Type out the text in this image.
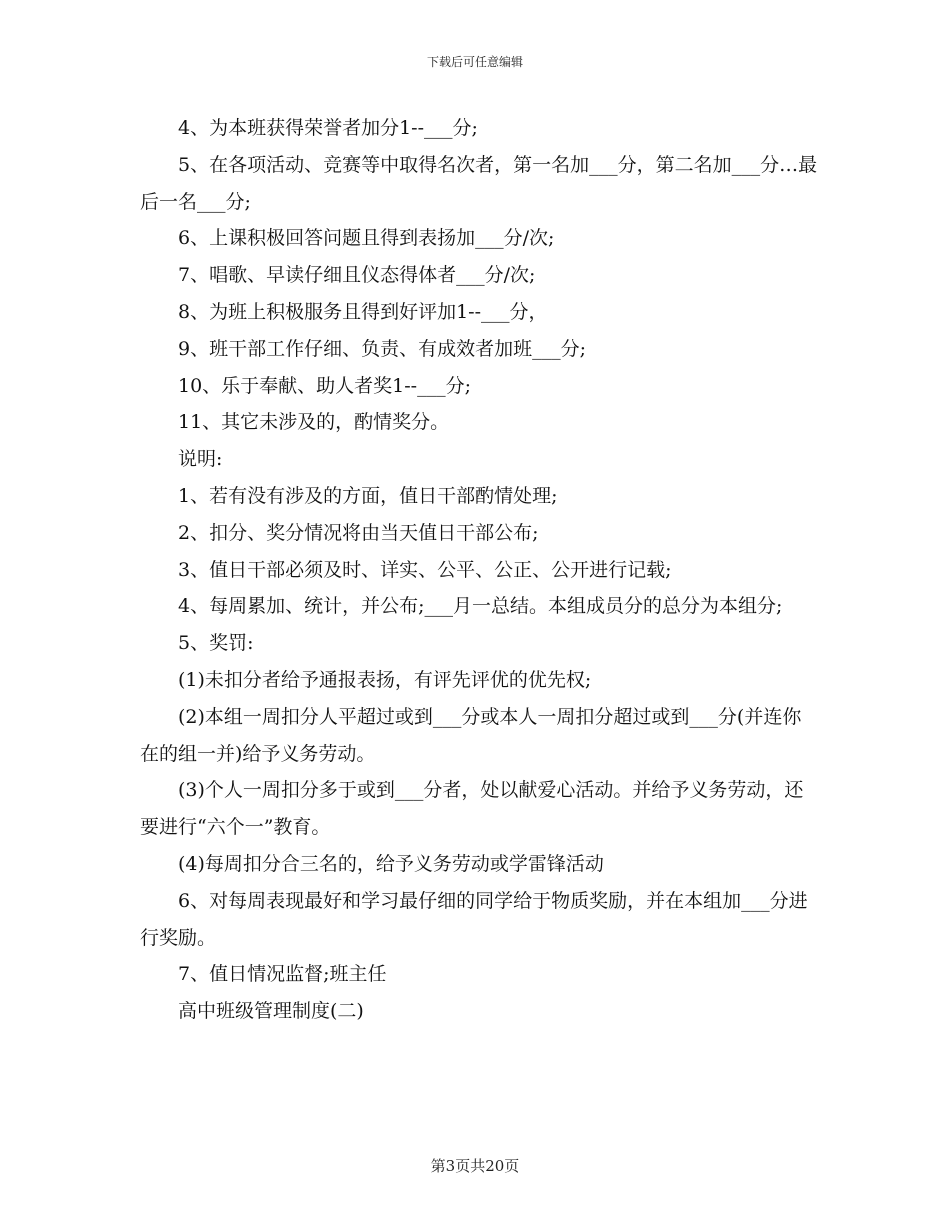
下载后可任意编辑

4、为本班获得荣誉者加分1--___分;

5、在各项活动、竞赛等中取得名次者，第一名加___分，第二名加___分…最后一名___分;

6、上课积极回答问题且得到表扬加___分/次;

7、唱歌、早读仔细且仪态得体者___分/次;

8、为班上积极服务且得到好评加1--___分，

9、班干部工作仔细、负责、有成效者加班___分;

10、乐于奉献、助人者奖1--___分;

11、其它未涉及的，酌情奖分。

说明:

1、若有没有涉及的方面，值日干部酌情处理;

2、扣分、奖分情况将由当天值日干部公布;

3、值日干部必须及时、详实、公平、公正、公开进行记载;

4、每周累加、统计，并公布;___月一总结。本组成员分的总分为本组分;

5、奖罚:

(1)未扣分者给予通报表扬，有评先评优的优先权;

(2)本组一周扣分人平超过或到___分或本人一周扣分超过或到___分(并连你在的组一并)给予义务劳动。

(3)个人一周扣分多于或到___分者，处以献爱心活动。并给予义务劳动，还要进行“六个一”教育。

(4)每周扣分合三名的，给予义务劳动或学雷锋活动

6、对每周表现最好和学习最仔细的同学给于物质奖励，并在本组加___分进行奖励。

7、值日情况监督;班主任

高中班级管理制度(二)

第3页共20页
